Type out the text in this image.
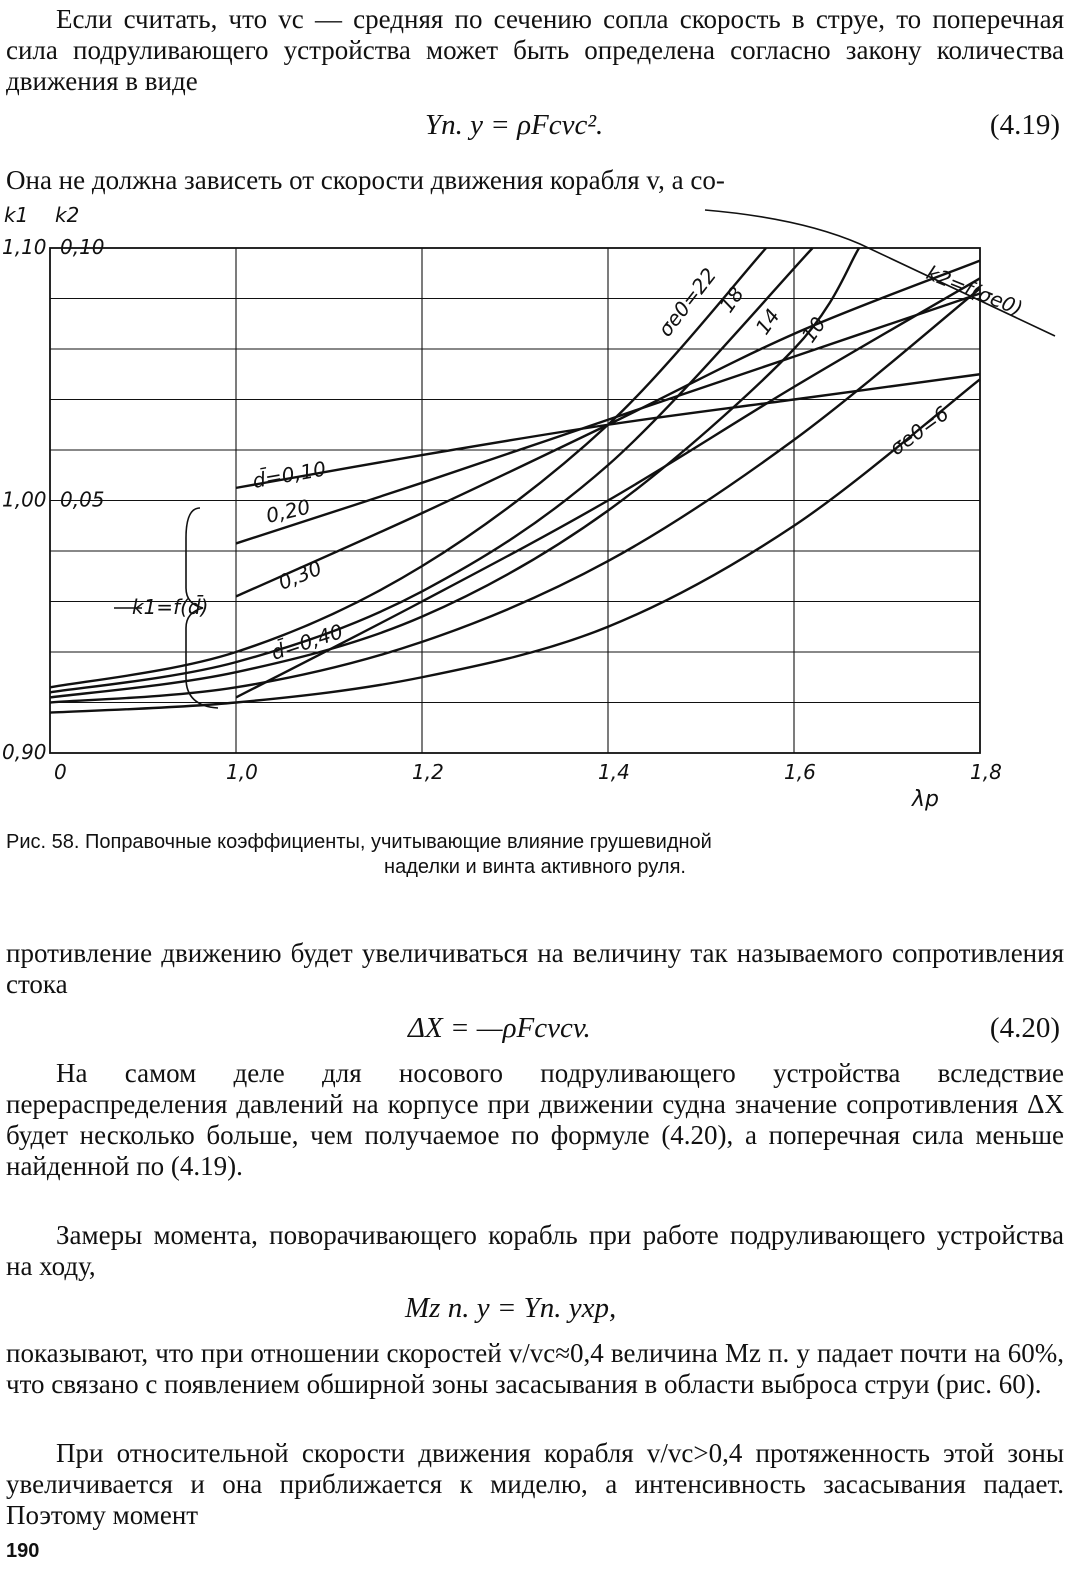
Если считать, что vc — средняя по сечению сопла скорость в струе, то поперечная сила подруливающего устройства может быть определена согласно закону количества движения в виде

Yп. у = ρFcvc².	(4.19)

Она не должна зависеть от скорости движения корабля v, а со-

0	1,0	1,2	1,4	1,6	1,8
1,10
1,00
0,90
0,10
0,05
k1 k2
λp
k2=f(σe0)
k1=f(d̄)
d̄=0,10
0,20
0,30
d̄=0,40
σe0=22
18
14 10
σe0=6

Рис. 58. Поправочные коэффициенты, учитывающие влияние грушевидной
наделки и винта активного руля.

противление движению будет увеличиваться на величину так называемого сопротивления стока

ΔX = —ρFcvcv.	(4.20)

На самом деле для носового подруливающего устройства вследствие перераспределения давлений на корпусе при движении судна значение сопротивления ΔX будет несколько больше, чем получаемое по формуле (4.20), а поперечная сила меньше найденной по (4.19).

Замеры момента, поворачивающего корабль при работе подруливающего устройства на ходу,

Mz п. у = Yп. уxp,

показывают, что при отношении скоростей v/vc≈0,4 величина Mz п. у падает почти на 60%, что связано с появлением обширной зоны засасывания в области выброса струи (рис. 60).

При относительной скорости движения корабля v/vc>0,4 протяженность этой зоны увеличивается и она приближается к миделю, а интенсивность засасывания падает. Поэтому момент

190
